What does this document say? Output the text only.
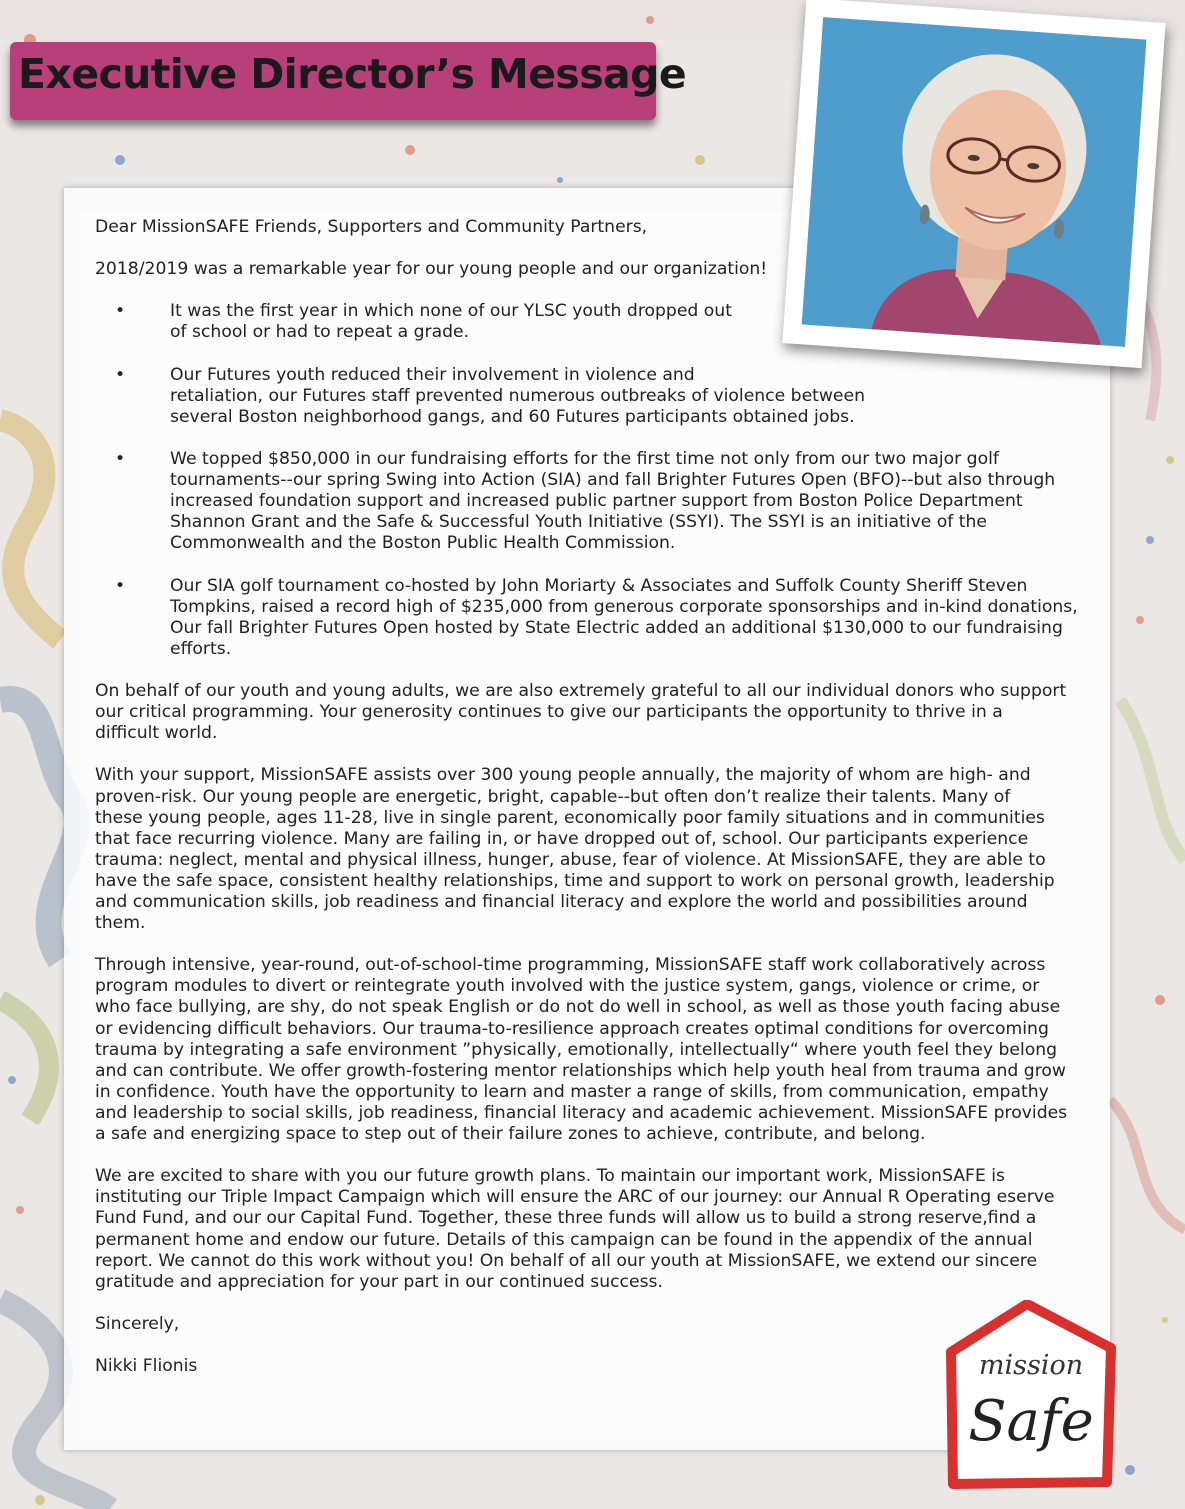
Executive Director’s Message

Dear MissionSAFE Friends, Supporters and Community Partners,

2018/2019 was a remarkable year for our young people and our organization!

•	It was the first year in which none of our YLSC youth dropped out
of school or had to repeat a grade.
•	Our Futures youth reduced their involvement in violence and
retaliation, our Futures staff prevented numerous outbreaks of violence between
several Boston neighborhood gangs, and 60 Futures participants obtained jobs.
•	We topped $850,000 in our fundraising efforts for the first time not only from our two major golf
tournaments--our spring Swing into Action (SIA) and fall Brighter Futures Open (BFO)--but also through
increased foundation support and increased public partner support from Boston Police Department
Shannon Grant and the Safe & Successful Youth Initiative (SSYI). The SSYI is an initiative of the
Commonwealth and the Boston Public Health Commission.
•	Our SIA golf tournament co-hosted by John Moriarty & Associates and Suffolk County Sheriff Steven
Tompkins, raised a record high of $235,000 from generous corporate sponsorships and in-kind donations,
Our fall Brighter Futures Open hosted by State Electric added an additional $130,000 to our fundraising
efforts.

On behalf of our youth and young adults, we are also extremely grateful to all our individual donors who support
our critical programming. Your generosity continues to give our participants the opportunity to thrive in a
difficult world.

With your support, MissionSAFE assists over 300 young people annually, the majority of whom are high- and
proven-risk. Our young people are energetic, bright, capable--but often don’t realize their talents. Many of
these young people, ages 11-28, live in single parent, economically poor family situations and in communities
that face recurring violence. Many are failing in, or have dropped out of, school. Our participants experience
trauma: neglect, mental and physical illness, hunger, abuse, fear of violence. At MissionSAFE, they are able to
have the safe space, consistent healthy relationships, time and support to work on personal growth, leadership
and communication skills, job readiness and financial literacy and explore the world and possibilities around
them.

Through intensive, year-round, out-of-school-time programming, MissionSAFE staff work collaboratively across
program modules to divert or reintegrate youth involved with the justice system, gangs, violence or crime, or
who face bullying, are shy, do not speak English or do not do well in school, as well as those youth facing abuse
or evidencing difficult behaviors. Our trauma-to-resilience approach creates optimal conditions for overcoming
trauma by integrating a safe environment ”physically, emotionally, intellectually“ where youth feel they belong
and can contribute. We offer growth-fostering mentor relationships which help youth heal from trauma and grow
in confidence. Youth have the opportunity to learn and master a range of skills, from communication, empathy
and leadership to social skills, job readiness, financial literacy and academic achievement. MissionSAFE provides
a safe and energizing space to step out of their failure zones to achieve, contribute, and belong.

We are excited to share with you our future growth plans. To maintain our important work, MissionSAFE is
instituting our Triple Impact Campaign which will ensure the ARC of our journey: our Annual R Operating eserve
Fund Fund, and our our Capital Fund. Together, these three funds will allow us to build a strong reserve,find a
permanent home and endow our future. Details of this campaign can be found in the appendix of the annual
report. We cannot do this work without you! On behalf of all our youth at MissionSAFE, we extend our sincere
gratitude and appreciation for your part in our continued success.

Sincerely,

Nikki Flionis	mission
Safe
